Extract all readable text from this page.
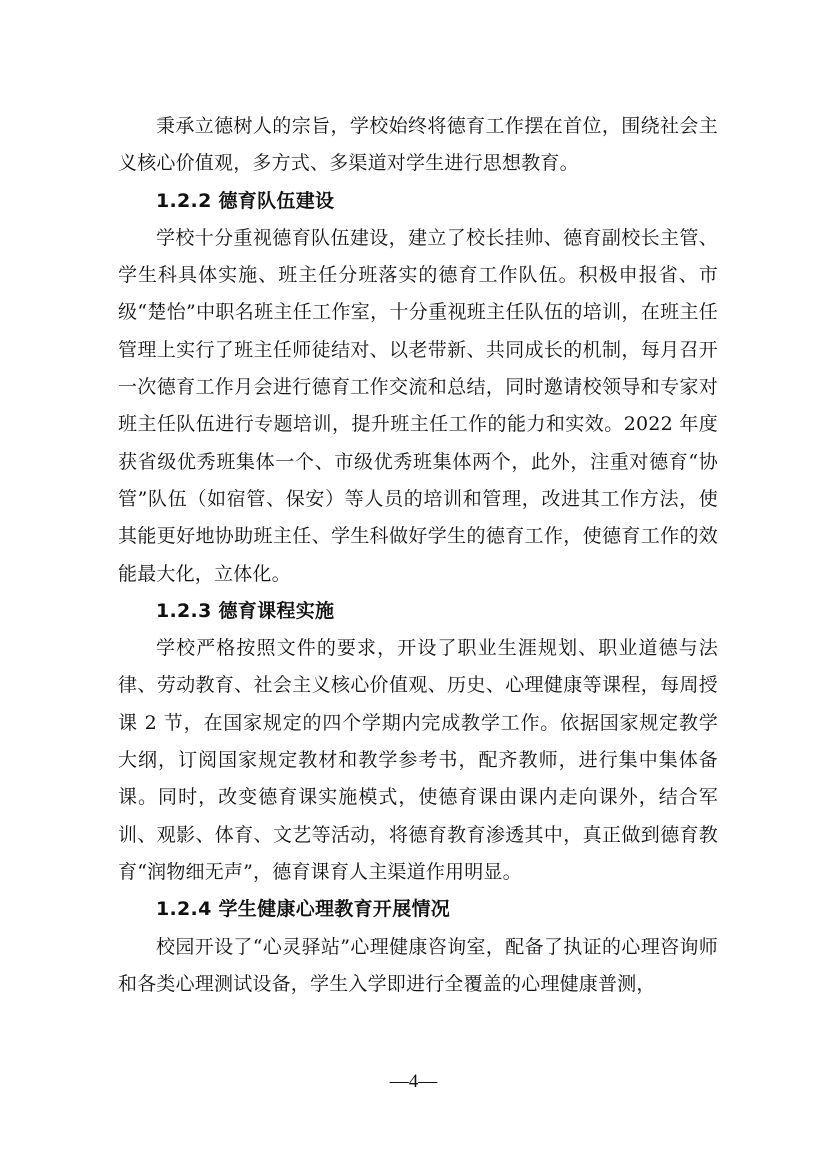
秉承立德树人的宗旨，学校始终将德育工作摆在首位，围绕社会主义核心价值观，多方式、多渠道对学生进行思想教育。

1.2.2 德育队伍建设

学校十分重视德育队伍建设，建立了校长挂帅、德育副校长主管、学生科具体实施、班主任分班落实的德育工作队伍。积极申报省、市级“楚怡”中职名班主任工作室，十分重视班主任队伍的培训，在班主任管理上实行了班主任师徒结对、以老带新、共同成长的机制，每月召开一次德育工作月会进行德育工作交流和总结，同时邀请校领导和专家对班主任队伍进行专题培训，提升班主任工作的能力和实效。2022 年度获省级优秀班集体一个、市级优秀班集体两个，此外，注重对德育“协管”队伍（如宿管、保安）等人员的培训和管理，改进其工作方法，使其能更好地协助班主任、学生科做好学生的德育工作，使德育工作的效能最大化，立体化。

1.2.3 德育课程实施

学校严格按照文件的要求，开设了职业生涯规划、职业道德与法律、劳动教育、社会主义核心价值观、历史、心理健康等课程，每周授课 2 节，在国家规定的四个学期内完成教学工作。依据国家规定教学大纲，订阅国家规定教材和教学参考书，配齐教师，进行集中集体备课。同时，改变德育课实施模式，使德育课由课内走向课外，结合军训、观影、体育、文艺等活动，将德育教育渗透其中，真正做到德育教育“润物细无声”，德育课育人主渠道作用明显。

1.2.4 学生健康心理教育开展情况

校园开设了“心灵驿站”心理健康咨询室，配备了执证的心理咨询师和各类心理测试设备，学生入学即进行全覆盖的心理健康普测，

—4—
